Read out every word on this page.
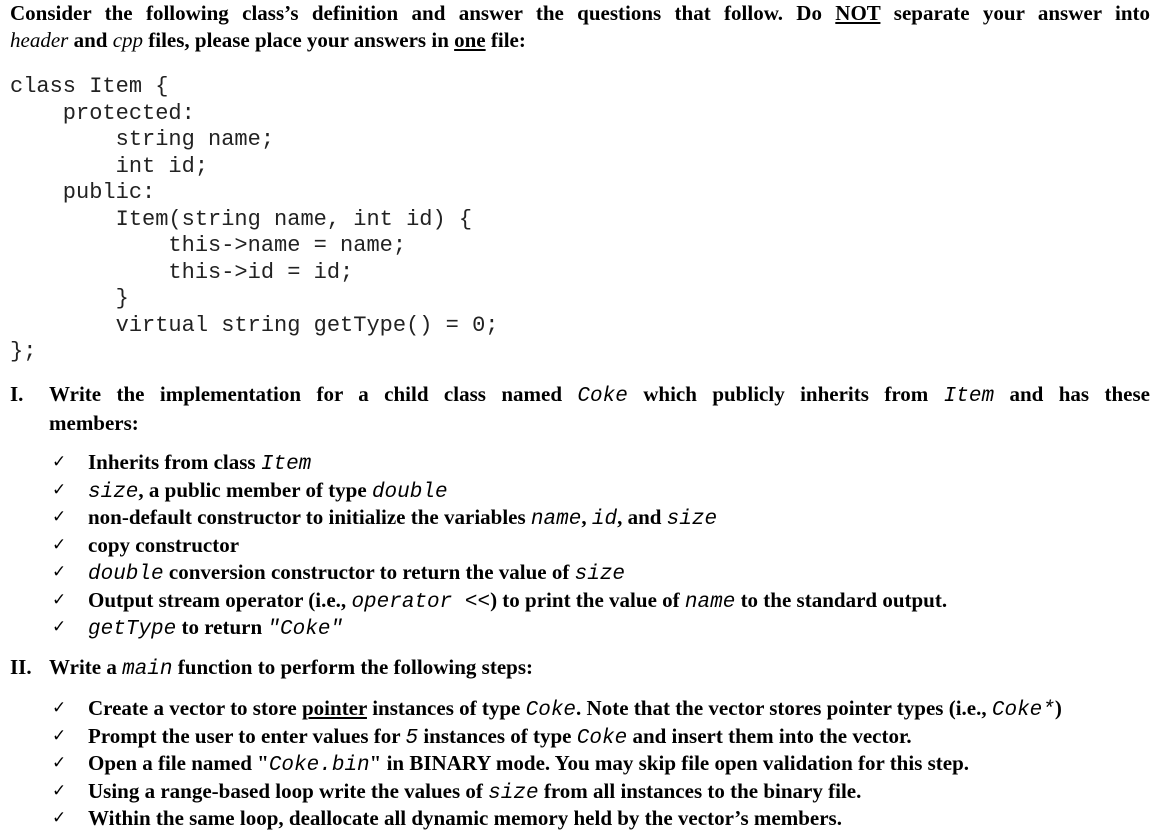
Consider the following class’s definition and answer the questions that follow. Do NOT separate your answer into
header and cpp files, please place your answers in one file:
class Item {
protected:
string name;
int id;
public:
Item(string name, int id) {
this->name = name;
this->id = id;
}
virtual string getType() = 0;
};
I. Write the implementation for a child class named Coke which publicly inherits from Item and has these
members:
✓ Inherits from class Item
✓ size, a public member of type double
✓ non-default constructor to initialize the variables name, id, and size
✓ copy constructor
✓ double conversion constructor to return the value of size
✓ Output stream operator (i.e., operator <<) to print the value of name to the standard output.
✓ getType to return "Coke"
II. Write a main function to perform the following steps:
✓ Create a vector to store pointer instances of type Coke. Note that the vector stores pointer types (i.e., Coke*)
✓ Prompt the user to enter values for 5 instances of type Coke and insert them into the vector.
✓ Open a file named "Coke.bin" in BINARY mode. You may skip file open validation for this step.
✓ Using a range-based loop write the values of size from all instances to the binary file.
✓ Within the same loop, deallocate all dynamic memory held by the vector’s members.
